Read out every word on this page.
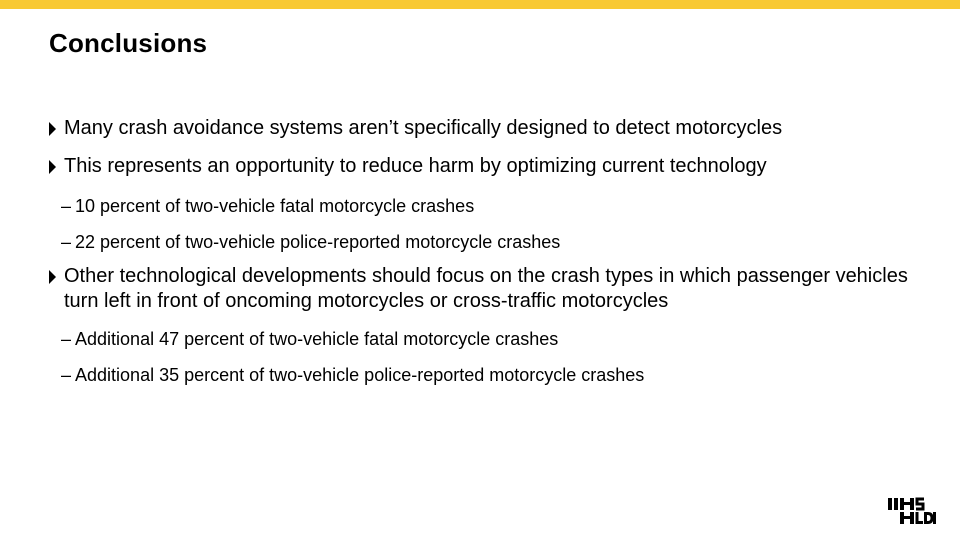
Conclusions
Many crash avoidance systems aren’t specifically designed to detect motorcycles
This represents an opportunity to reduce harm by optimizing current technology
– 10 percent of two-vehicle fatal motorcycle crashes
– 22 percent of two-vehicle police-reported motorcycle crashes
Other technological developments should focus on the crash types in which passenger vehicles turn left in front of oncoming motorcycles or cross-traffic motorcycles
– Additional 47 percent of two-vehicle fatal motorcycle crashes
– Additional 35 percent of two-vehicle police-reported motorcycle crashes
